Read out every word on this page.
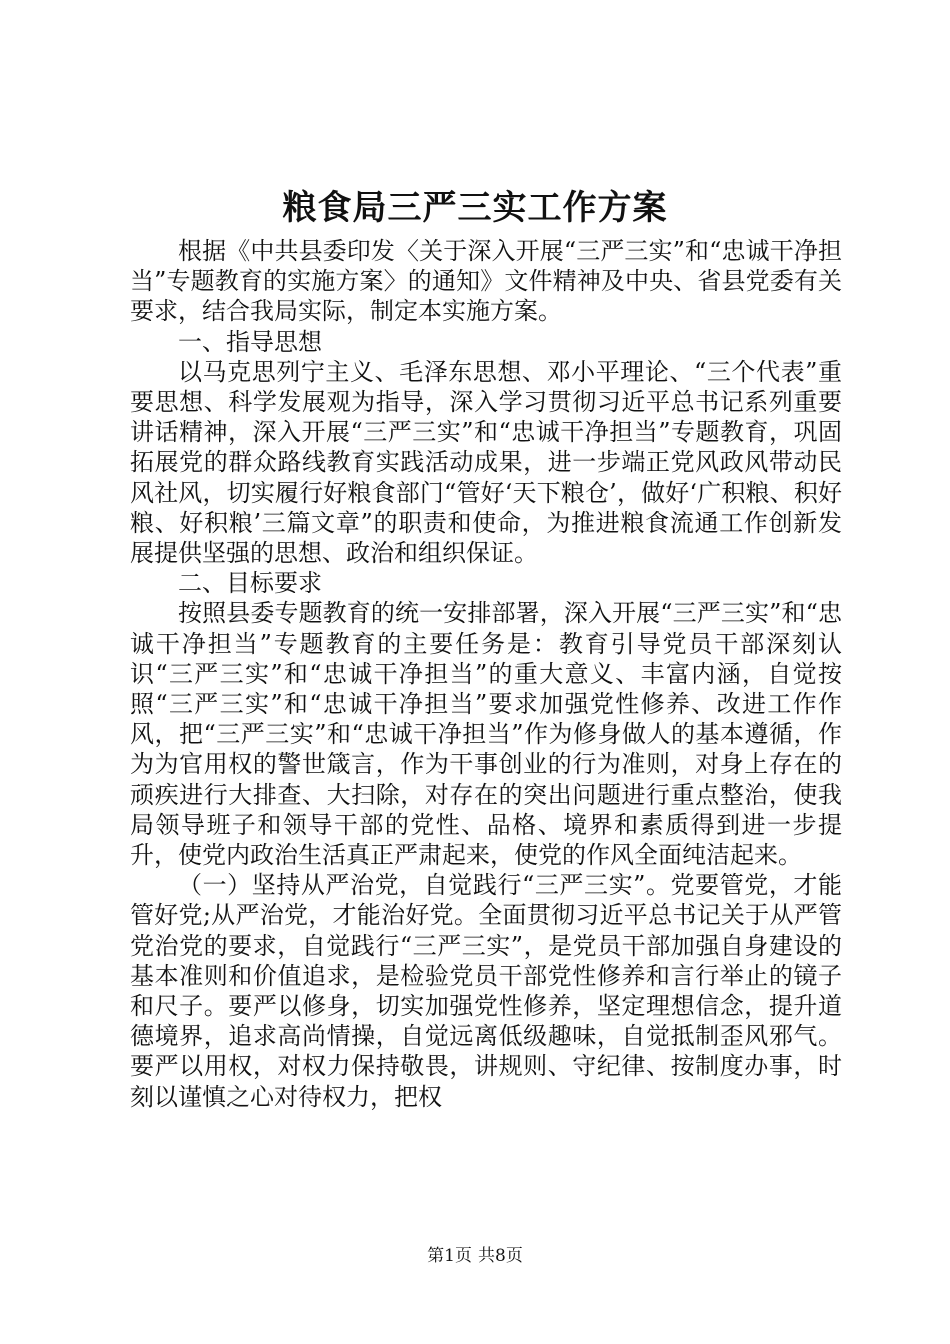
粮食局三严三实工作方案

根据《中共县委印发〈关于深入开展“三严三实”和“忠诚干净担当”专题教育的实施方案〉的通知》文件精神及中央、省县党委有关要求，结合我局实际，制定本实施方案。

一、指导思想

以马克思列宁主义、毛泽东思想、邓小平理论、“三个代表”重要思想、科学发展观为指导，深入学习贯彻习近平总书记系列重要讲话精神，深入开展“三严三实”和“忠诚干净担当”专题教育，巩固拓展党的群众路线教育实践活动成果，进一步端正党风政风带动民风社风，切实履行好粮食部门“管好‘天下粮仓’，做好‘广积粮、积好粮、好积粮’三篇文章”的职责和使命，为推进粮食流通工作创新发展提供坚强的思想、政治和组织保证。

二、目标要求

按照县委专题教育的统一安排部署，深入开展“三严三实”和“忠诚干净担当”专题教育的主要任务是：教育引导党员干部深刻认识“三严三实”和“忠诚干净担当”的重大意义、丰富内涵，自觉按照“三严三实”和“忠诚干净担当”要求加强党性修养、改进工作作风，把“三严三实”和“忠诚干净担当”作为修身做人的基本遵循，作为为官用权的警世箴言，作为干事创业的行为准则，对身上存在的顽疾进行大排查、大扫除，对存在的突出问题进行重点整治，使我局领导班子和领导干部的党性、品格、境界和素质得到进一步提升，使党内政治生活真正严肃起来，使党的作风全面纯洁起来。

（一）坚持从严治党，自觉践行“三严三实”。党要管党，才能管好党;从严治党，才能治好党。全面贯彻习近平总书记关于从严管党治党的要求，自觉践行“三严三实”，是党员干部加强自身建设的基本准则和价值追求，是检验党员干部党性修养和言行举止的镜子和尺子。要严以修身，切实加强党性修养，坚定理想信念，提升道德境界，追求高尚情操，自觉远离低级趣味，自觉抵制歪风邪气。要严以用权，对权力保持敬畏，讲规则、守纪律、按制度办事，时刻以谨慎之心对待权力，把权

第1页 共8页
